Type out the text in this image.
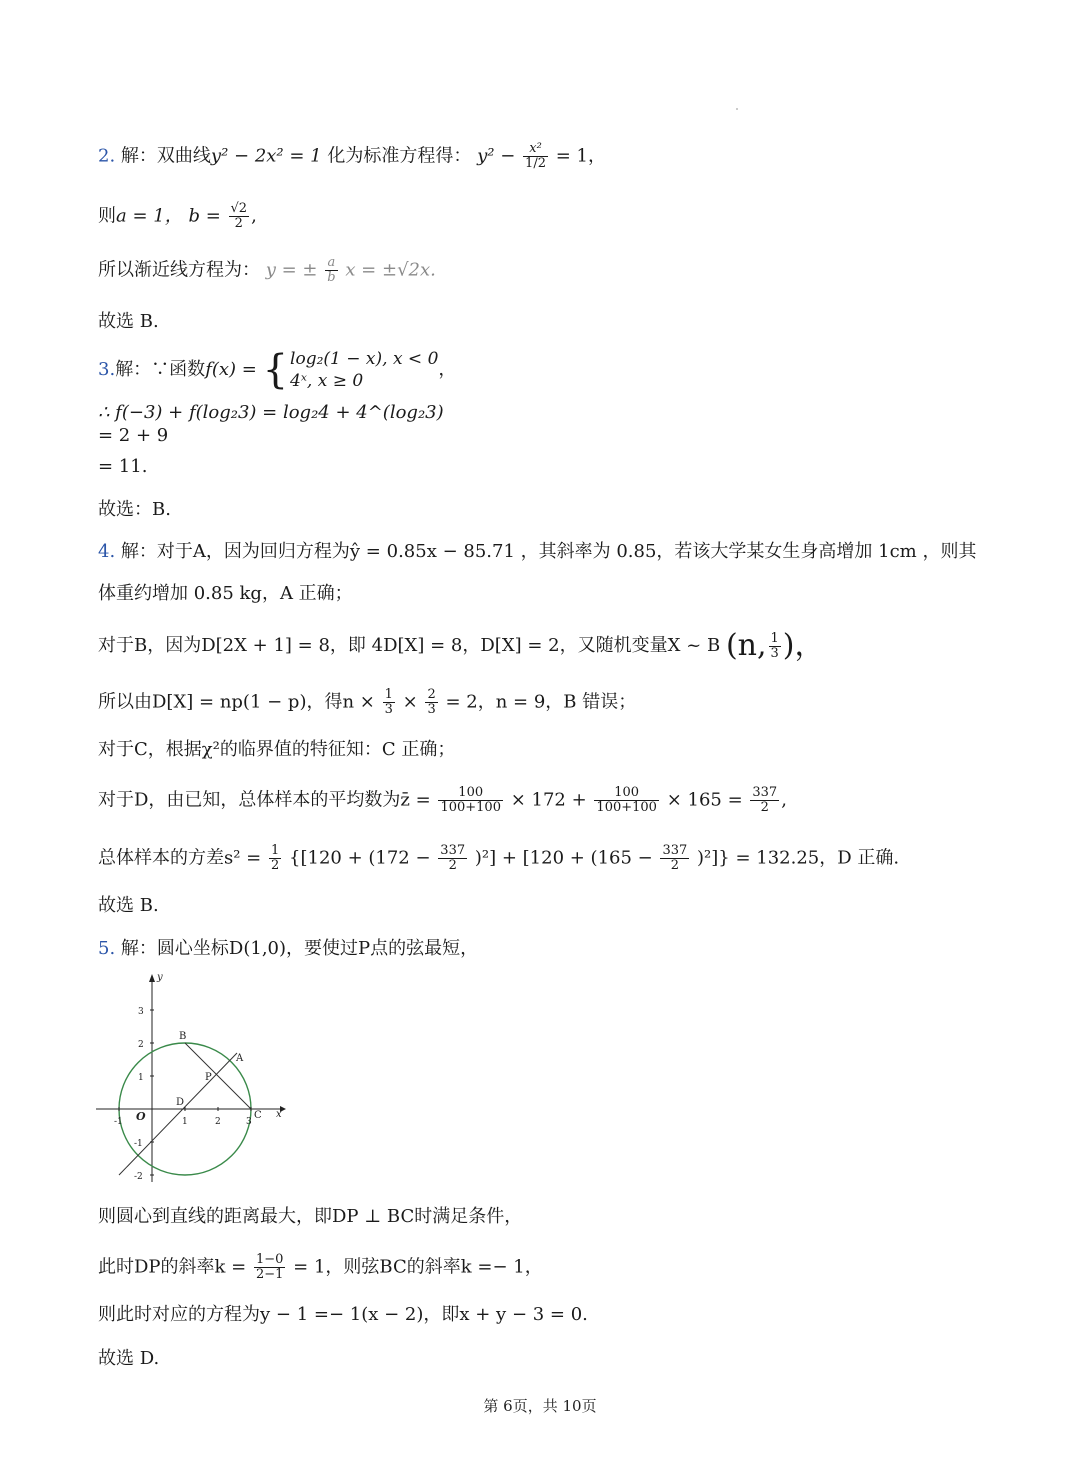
2. 解：双曲线y² − 2x² = 1 化为标准方程得： $y^2 - \frac{\text{x²}}{1/2} = 1$，
则a = 1， $b = \frac{√2}{2}$ ,
所以渐近线方程为： y = ± $\frac{a}{b}$ x = ±√2x.
故选 B.
3.解：∵函数f(x) = { log₂(1 − x), x < 0
4ˣ, x ≥ 0
，
∴ f(−3) + f(log₂3) = log₂4 + 4^(log₂3)
= 2 + 9
= 11.
故选：B.
4. 解：对于A，因为回归方程为ŷ = 0.85x − 85.71 ，其斜率为 0.85，若该大学某女生身高增加 1cm ，则其
体重约增加 0.85 kg，A 正确；
对于B，因为D[2X + 1] = 8，即 4D[X] = 8，D[X] = 2，又随机变量X ~ B (n, $\frac{1}{3}$ )，
所以由D[X] = np(1 − p)，得$n \times \frac{1}{3} \times \frac{2}{3} = 2$，n = 9，B 错误；
对于C，根据χ²的临界值的特征知：C 正确；
对于D，由已知，总体样本的平均数为z̄ = $\frac{100}{100+100} \times 172 + \frac{100}{100+100} \times 165 = \frac{337}{2}$ ,
总体样本的方差$s^2 = \frac{1}{2} \{[120 + (172 - \frac{337}{2} )^2] + [120 + (165 - \frac{337}{2} )^2]\} = 132.25$，D 正确.
故选 B.
5. 解：圆心坐标D(1,0)，要使过P点的弦最短，
x
y
O
-1	1	2	3
3
2
1
-1
-2
B
A
P
D
C
则圆心到直线的距离最大，即DP ⊥ BC时满足条件，
此时DP的斜率$k = \frac{1-0}{2-1} = 1$，则弦BC的斜率k =− 1，
则此时对应的方程为y − 1 =− 1(x − 2)，即x + y − 3 = 0.
故选 D.
第 6页，共 10页
